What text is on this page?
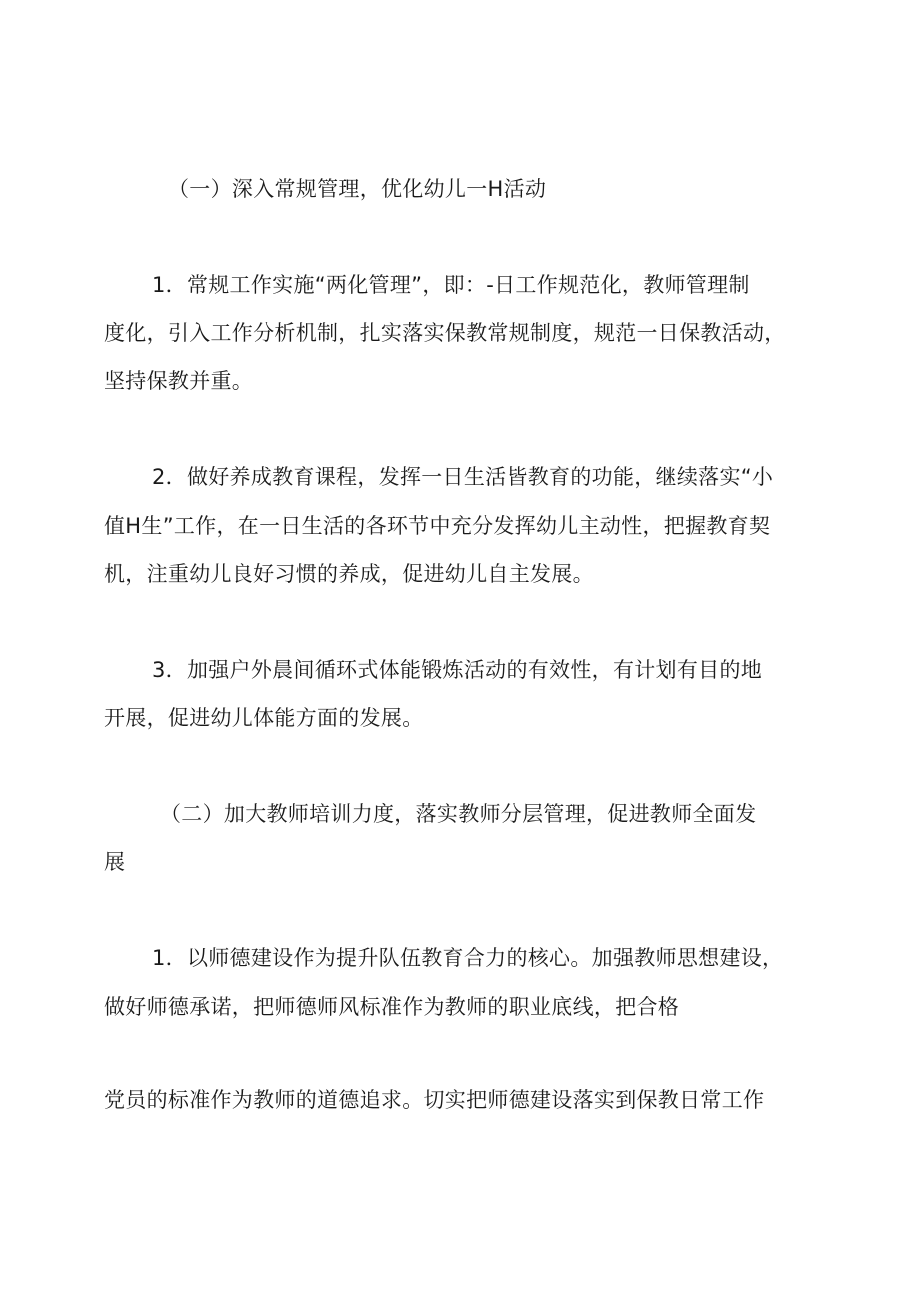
（一）深入常规管理，优化幼儿一H活动
1．常规工作实施“两化管理”，即：-日工作规范化，教师管理制
度化，引入工作分析机制，扎实落实保教常规制度，规范一日保教活动，
坚持保教并重。
2．做好养成教育课程，发挥一日生活皆教育的功能，继续落实“小
值H生”工作，在一日生活的各环节中充分发挥幼儿主动性，把握教育契
机，注重幼儿良好习惯的养成，促进幼儿自主发展。
3．加强户外晨间循环式体能锻炼活动的有效性，有计划有目的地
开展，促进幼儿体能方面的发展。
（二）加大教师培训力度，落实教师分层管理，促进教师全面发
展
1．以师德建设作为提升队伍教育合力的核心。加强教师思想建设，
做好师德承诺，把师德师风标准作为教师的职业底线，把合格
党员的标准作为教师的道德追求。切实把师德建设落实到保教日常工作
